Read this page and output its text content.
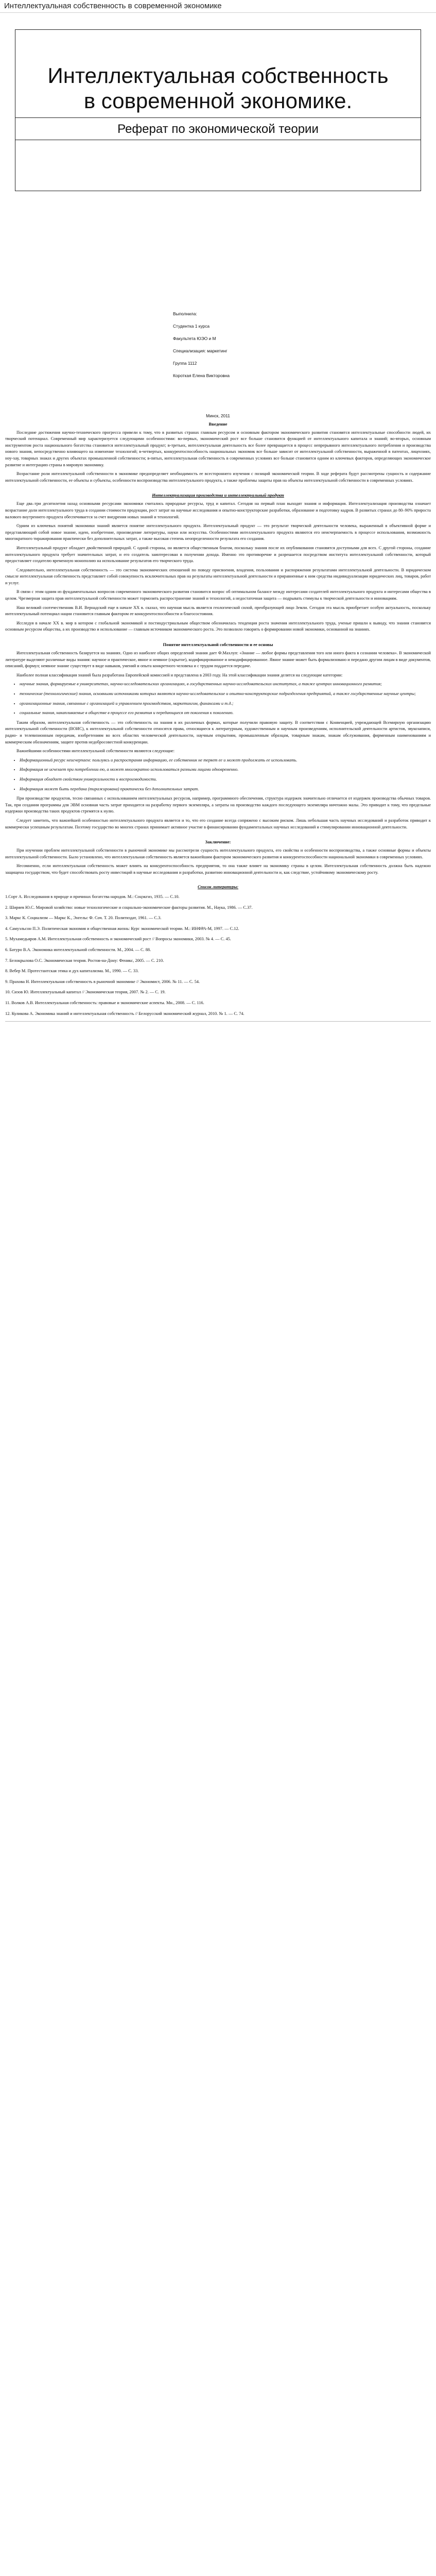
Интеллектуальная собственность в современной экономике
Интеллектуальная собственность в современной экономике.
Реферат по экономической теории
Выполнила:
Студентка 1 курса
Факультета ЮЭО и М
Специализация: маркетинг
Группа 1112
Короткая Елена Викторовна
Минск, 2011
Введение

Последние достижения научно-технического прогресса привели к тому, что в развитых странах главным ресурсом и основным фактором экономического развития становятся интеллектуальные способности людей, их творческий потенциал. Современный мир характеризуется следующими особенностями: во-первых, экономический рост все больше становится функцией от интеллектуального капитала и знаний; во-вторых, основным инструментом роста национального богатства становится интеллектуальный продукт; в-третьих, интеллектуальная деятельность все более превращается в процесс непрерывного интеллектуального потребления и производства нового знания, непосредственно влияющего на изменение технологий; в-четвертых, конкурентоспособность национальных экономик все больше зависит от интеллектуальной собственности, выраженной в патентах, лицензиях, ноу-хау, товарных знаках и других объектах промышленной собственности; в-пятых, интеллектуальная собственность в современных условиях все больше становится одним из ключевых факторов, определяющих экономическое развитие и интеграцию страны в мировую экономику.

Возрастание роли интеллектуальной собственности в экономике предопределяет необходимость ее всестороннего изучения с позиций экономической теории. В ходе реферата будут рассмотрены сущность и содержание интеллектуальной собственности, ее объекты и субъекты, особенности воспроизводства интеллектуального продукта, а также проблемы защиты прав на объекты интеллектуальной собственности в современных условиях.

Интеллектуализация производства и интеллектуальный продукт

Еще два–три десятилетия назад основными ресурсами экономики считались природные ресурсы, труд и капитал. Сегодня на первый план выходят знания и информация. Интеллектуализация производства означает возрастание доли интеллектуального труда в создании стоимости продукции, рост затрат на научные исследования и опытно-конструкторские разработки, образование и подготовку кадров. В развитых странах до 80–90% прироста валового внутреннего продукта обеспечивается за счет внедрения новых знаний и технологий.

Одним из ключевых понятий экономики знаний является понятие интеллектуального продукта. Интеллектуальный продукт — это результат творческой деятельности человека, выраженный в объективной форме и представляющий собой новое знание, идею, изобретение, произведение литературы, науки или искусства. Особенностями интеллектуального продукта являются его неисчерпаемость в процессе использования, возможность многократного тиражирования практически без дополнительных затрат, а также высокая степень неопределенности результата его создания.

Интеллектуальный продукт обладает двойственной природой. С одной стороны, он является общественным благом, поскольку знания после их опубликования становятся доступными для всех. С другой стороны, создание интеллектуального продукта требует значительных затрат, и его создатель заинтересован в получении дохода. Именно это противоречие и разрешается посредством института интеллектуальной собственности, который предоставляет создателю временную монополию на использование результатов его творческого труда.

Следовательно, интеллектуальная собственность — это система экономических отношений по поводу присвоения, владения, пользования и распоряжения результатами интеллектуальной деятельности. В юридическом смысле интеллектуальная собственность представляет собой совокупность исключительных прав на результаты интеллектуальной деятельности и приравненные к ним средства индивидуализации юридических лиц, товаров, работ и услуг.

В связи с этим одним из фундаментальных вопросов современного экономического развития становится вопрос об оптимальном балансе между интересами создателей интеллектуального продукта и интересами общества в целом. Чрезмерная защита прав интеллектуальной собственности может тормозить распространение знаний и технологий, а недостаточная защита — подрывать стимулы к творческой деятельности и инновациям.

Наш великий соотечественник В.И. Вернадский еще в начале XX в. сказал, что научная мысль является геологической силой, преобразующей лицо Земли. Сегодня эта мысль приобретает особую актуальность, поскольку интеллектуальный потенциал нации становится главным фактором ее конкурентоспособности и благосостояния.

Исследуя в начале XX в. мир в котором с глобальной экономикой и постиндустриальным обществом обозначилась тенденция роста значения интеллектуального труда, ученые пришли к выводу, что знания становятся основным ресурсом общества, а их производство и использование — главным источником экономического роста. Это позволило говорить о формировании новой экономики, основанной на знаниях.

Понятие интеллектуальной собственности и ее основы

Интеллектуальная собственность базируется на знаниях. Одно из наиболее общих определений знания дает Ф.Махлуп: «Знание — любое формы представления того или иного факта в сознании человека». В экономической литературе выделяют различные виды знания: научное и практическое, явное и неявное (скрытое), кодифицированное и некодифицированное. Явное знание может быть формализовано и передано другим лицам в виде документов, описаний, формул; неявное знание существует в виде навыков, умений и опыта конкретного человека и с трудом поддается передаче.

Наиболее полная классификация знаний была разработана Европейской комиссией и представлена в 2003 году. На этой классификации знания делятся на следующие категории:

• научные знания, формируемые в университетах, научно-исследовательских организациях, в государственных научно-исследовательских институтах, а также центрах инновационного развития;
• технические (технологические) знания, основными источниками которых являются научно-исследовательские и опытно-конструкторские подразделения предприятий, а также государственные научные центры;
• организационные знания, связанные с организацией и управлением производством, маркетингом, финансами и т.д.;
• социальные знания, накапливаемые в обществе в процессе его развития и передающиеся от поколения к поколению.

Таким образом, интеллектуальная собственность — это собственность на знания в их различных формах, которые получили правовую защиту. В соответствии с Конвенцией, учреждающей Всемирную организацию интеллектуальной собственности (ВОИС), к интеллектуальной собственности относятся права, относящиеся к литературным, художественным и научным произведениям, исполнительской деятельности артистов, звукозаписи, радио- и телевизионным передачам, изобретениям во всех областях человеческой деятельности, научным открытиям, промышленным образцам, товарным знакам, знакам обслуживания, фирменным наименованиям и коммерческим обозначениям, защите против недобросовестной конкуренции.

Важнейшими особенностями интеллектуальной собственности являются следующие:

• Информационный ресурс неисчерпаем: пользуясь и распространяя информацию, ее собственник не теряет ее и может продолжать ее использовать.
• Информация не исчезает при потреблении ею, а может многократно использоваться разными лицами одновременно.
• Информация обладает свойством универсальности и воспроизводимости.
• Информация может быть передана (тиражирована) практически без дополнительных затрат.

При производстве продуктов, тесно связанных с использованием интеллектуальных ресурсов, например, программного обеспечения, структура издержек значительно отличается от издержек производства обычных товаров. Так, при создании программы для ЭВМ основная часть затрат приходится на разработку первого экземпляра, а затраты на производство каждого последующего экземпляра ничтожно малы. Это приводит к тому, что предельные издержки производства таких продуктов стремятся к нулю.

Следует заметить, что важнейшей особенностью интеллектуального продукта является и то, что его создание всегда сопряжено с высоким риском. Лишь небольшая часть научных исследований и разработок приводит к коммерчески успешным результатам. Поэтому государство во многих странах принимает активное участие в финансировании фундаментальных научных исследований и стимулировании инновационной деятельности.

Заключение:

При изучении проблем интеллектуальной собственности в рыночной экономике мы рассмотрели сущность интеллектуального продукта, его свойства и особенности воспроизводства, а также основные формы и объекты интеллектуальной собственности. Было установлено, что интеллектуальная собственность является важнейшим фактором экономического развития и конкурентоспособности национальной экономики в современных условиях.

Несомненно, если интеллектуальная собственность может влиять на конкурентоспособность предприятия, то она также влияет на экономику страны в целом. Интеллектуальная собственность должна быть надежно защищена государством, что будет способствовать росту инвестиций в научные исследования и разработки, развитию инновационной деятельности и, как следствие, устойчивому экономическому росту.

Список литературы:

1.Сорт А. Исследования в природе и причинах богатства народов. М.: Соцэкгиз, 1935. — С.10.

2. Ширяев Ю.С. Мировой хозяйство: новые технологические и социально-экономические факторы развития. М., Наука, 1986. — С.37.

3. Маркс К. Социализм — Маркс К., Энгельс Ф. Соч. Т. 20. Политиздат, 1961. — С.3.

4. Самуэльсон П.Э. Политическая экономия и общественная жизнь: Курс экономической теории. М.: ИНФРА-М, 1997. — С.12.

5. Мухамедьяров А.М. Интеллектуальная собственность и экономический рост // Вопросы экономики, 2003. № 4. — С. 45.

6. Батуро В.А. Экономика интеллектуальной собственности. М., 2004. — С. 88.

7. Белокрылова О.С. Экономическая теория. Ростов-на-Дону: Феникс, 2005. — С. 210.

8. Вебер М. Протестантская этика и дух капитализма. М., 1990. — С. 33.

9. Прахова Н. Интеллектуальная собственность в рыночной экономике // Экономист, 2006. № 11. — С. 54.

10. Сизов Ю. Интеллектуальный капитал // Экономическая теория, 2007. № 2. — С. 19.

11. Волков А.В. Интеллектуальная собственность: правовые и экономические аспекты. Мн., 2008. — С. 116.

12. Куликова А. Экономика знаний и интеллектуальная собственность // Белорусский экономический журнал, 2010. № 1. — С. 74.
